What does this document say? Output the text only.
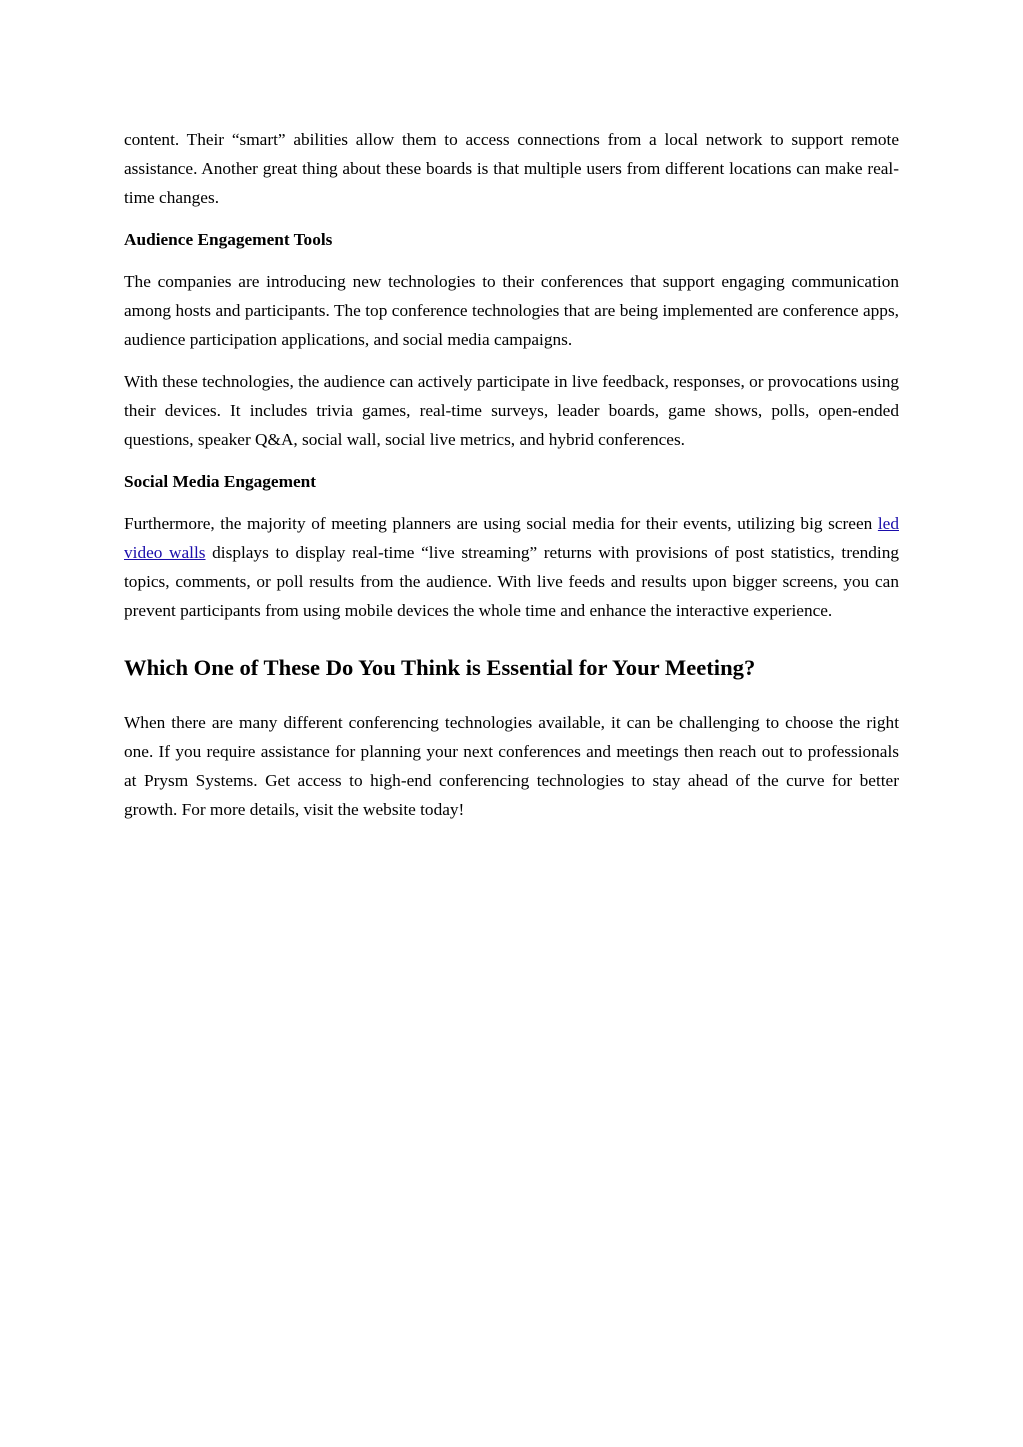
content. Their “smart” abilities allow them to access connections from a local network to support remote assistance. Another great thing about these boards is that multiple users from different locations can make real-time changes.

Audience Engagement Tools

The companies are introducing new technologies to their conferences that support engaging communication among hosts and participants. The top conference technologies that are being implemented are conference apps, audience participation applications, and social media campaigns.

With these technologies, the audience can actively participate in live feedback, responses, or provocations using their devices. It includes trivia games, real-time surveys, leader boards, game shows, polls, open-ended questions, speaker Q&A, social wall, social live metrics, and hybrid conferences.

Social Media Engagement

Furthermore, the majority of meeting planners are using social media for their events, utilizing big screen led video walls displays to display real-time “live streaming” returns with provisions of post statistics, trending topics, comments, or poll results from the audience. With live feeds and results upon bigger screens, you can prevent participants from using mobile devices the whole time and enhance the interactive experience.

Which One of These Do You Think is Essential for Your Meeting?

When there are many different conferencing technologies available, it can be challenging to choose the right one. If you require assistance for planning your next conferences and meetings then reach out to professionals at Prysm Systems. Get access to high-end conferencing technologies to stay ahead of the curve for better growth. For more details, visit the website today!
